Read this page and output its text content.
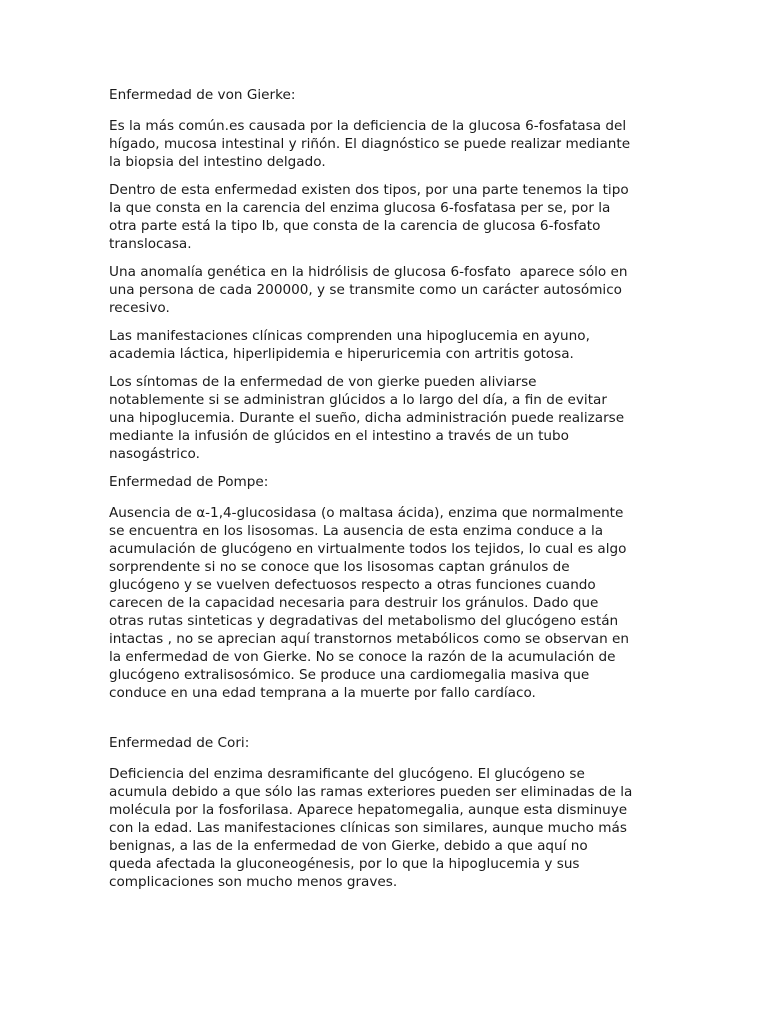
Enfermedad de von Gierke:

Es la más común.es causada por la deficiencia de la glucosa 6-fosfatasa del
hígado, mucosa intestinal y riñón. El diagnóstico se puede realizar mediante
la biopsia del intestino delgado.

Dentro de esta enfermedad existen dos tipos, por una parte tenemos la tipo
Ia que consta en la carencia del enzima glucosa 6-fosfatasa per se, por la
otra parte está la tipo Ib, que consta de la carencia de glucosa 6-fosfato
translocasa.

Una anomalía genética en la hidrólisis de glucosa 6-fosfato  aparece sólo en
una persona de cada 200000, y se transmite como un carácter autosómico
recesivo.

Las manifestaciones clínicas comprenden una hipoglucemia en ayuno,
academia láctica, hiperlipidemia e hiperuricemia con artritis gotosa.

Los síntomas de la enfermedad de von gierke pueden aliviarse
notablemente si se administran glúcidos a lo largo del día, a fin de evitar
una hipoglucemia. Durante el sueño, dicha administración puede realizarse
mediante la infusión de glúcidos en el intestino a través de un tubo
nasogástrico.

Enfermedad de Pompe:

Ausencia de α-1,4-glucosidasa (o maltasa ácida), enzima que normalmente
se encuentra en los lisosomas. La ausencia de esta enzima conduce a la
acumulación de glucógeno en virtualmente todos los tejidos, lo cual es algo
sorprendente si no se conoce que los lisosomas captan gránulos de
glucógeno y se vuelven defectuosos respecto a otras funciones cuando
carecen de la capacidad necesaria para destruir los gránulos. Dado que
otras rutas sinteticas y degradativas del metabolismo del glucógeno están
intactas , no se aprecian aquí transtornos metabólicos como se observan en
la enfermedad de von Gierke. No se conoce la razón de la acumulación de
glucógeno extralisosómico. Se produce una cardiomegalia masiva que
conduce en una edad temprana a la muerte por fallo cardíaco.

Enfermedad de Cori:

Deficiencia del enzima desramificante del glucógeno. El glucógeno se
acumula debido a que sólo las ramas exteriores pueden ser eliminadas de la
molécula por la fosforilasa. Aparece hepatomegalia, aunque esta disminuye
con la edad. Las manifestaciones clínicas son similares, aunque mucho más
benignas, a las de la enfermedad de von Gierke, debido a que aquí no
queda afectada la gluconeogénesis, por lo que la hipoglucemia y sus
complicaciones son mucho menos graves.
